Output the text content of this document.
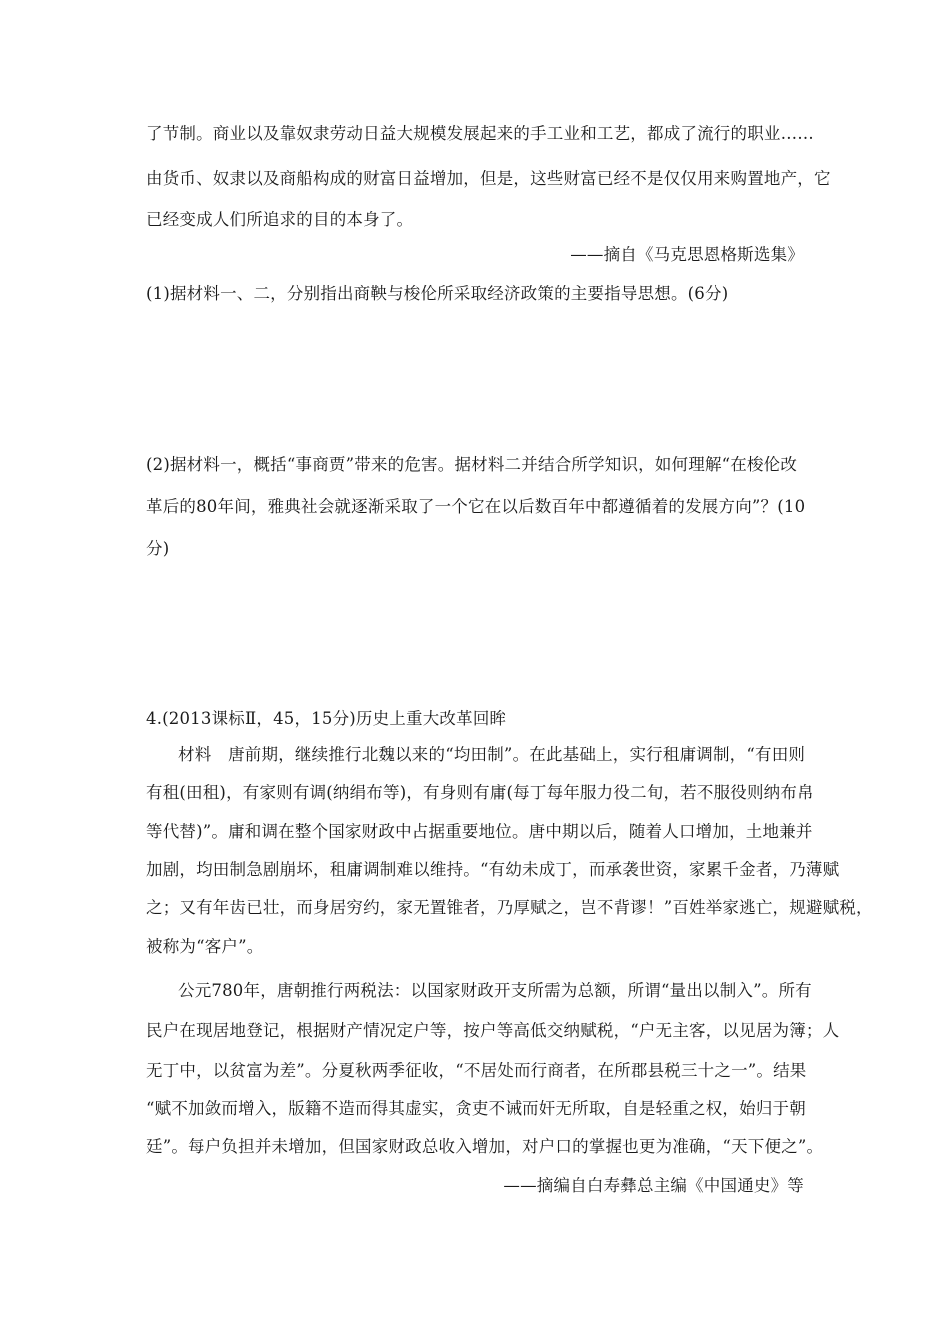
了节制。商业以及靠奴隶劳动日益大规模发展起来的手工业和工艺，都成了流行的职业……
由货币、奴隶以及商船构成的财富日益增加，但是，这些财富已经不是仅仅用来购置地产，它
已经变成人们所追求的目的本身了。
——摘自《马克思恩格斯选集》
(1)据材料一、二，分别指出商鞅与梭伦所采取经济政策的主要指导思想。(6分)
(2)据材料一，概括“事商贾”带来的危害。据材料二并结合所学知识，如何理解“在梭伦改
革后的80年间，雅典社会就逐渐采取了一个它在以后数百年中都遵循着的发展方向”？(10
分)
4.(2013课标Ⅱ，45，15分)历史上重大改革回眸
材料　唐前期，继续推行北魏以来的“均田制”。在此基础上，实行租庸调制，“有田则
有租(田租)，有家则有调(纳绢布等)，有身则有庸(每丁每年服力役二旬，若不服役则纳布帛
等代替)”。庸和调在整个国家财政中占据重要地位。唐中期以后，随着人口增加，土地兼并
加剧，均田制急剧崩坏，租庸调制难以维持。“有幼未成丁，而承袭世资，家累千金者，乃薄赋
之；又有年齿已壮，而身居穷约，家无置锥者，乃厚赋之，岂不背谬！”百姓举家逃亡，规避赋税，
被称为“客户”。
公元780年，唐朝推行两税法：以国家财政开支所需为总额，所谓“量出以制入”。所有
民户在现居地登记，根据财产情况定户等，按户等高低交纳赋税，“户无主客，以见居为簿；人
无丁中，以贫富为差”。分夏秋两季征收，“不居处而行商者，在所郡县税三十之一”。结果
“赋不加敛而增入，版籍不造而得其虚实，贪吏不诫而奸无所取，自是轻重之权，始归于朝
廷”。每户负担并未增加，但国家财政总收入增加，对户口的掌握也更为准确，“天下便之”。
——摘编自白寿彝总主编《中国通史》等
